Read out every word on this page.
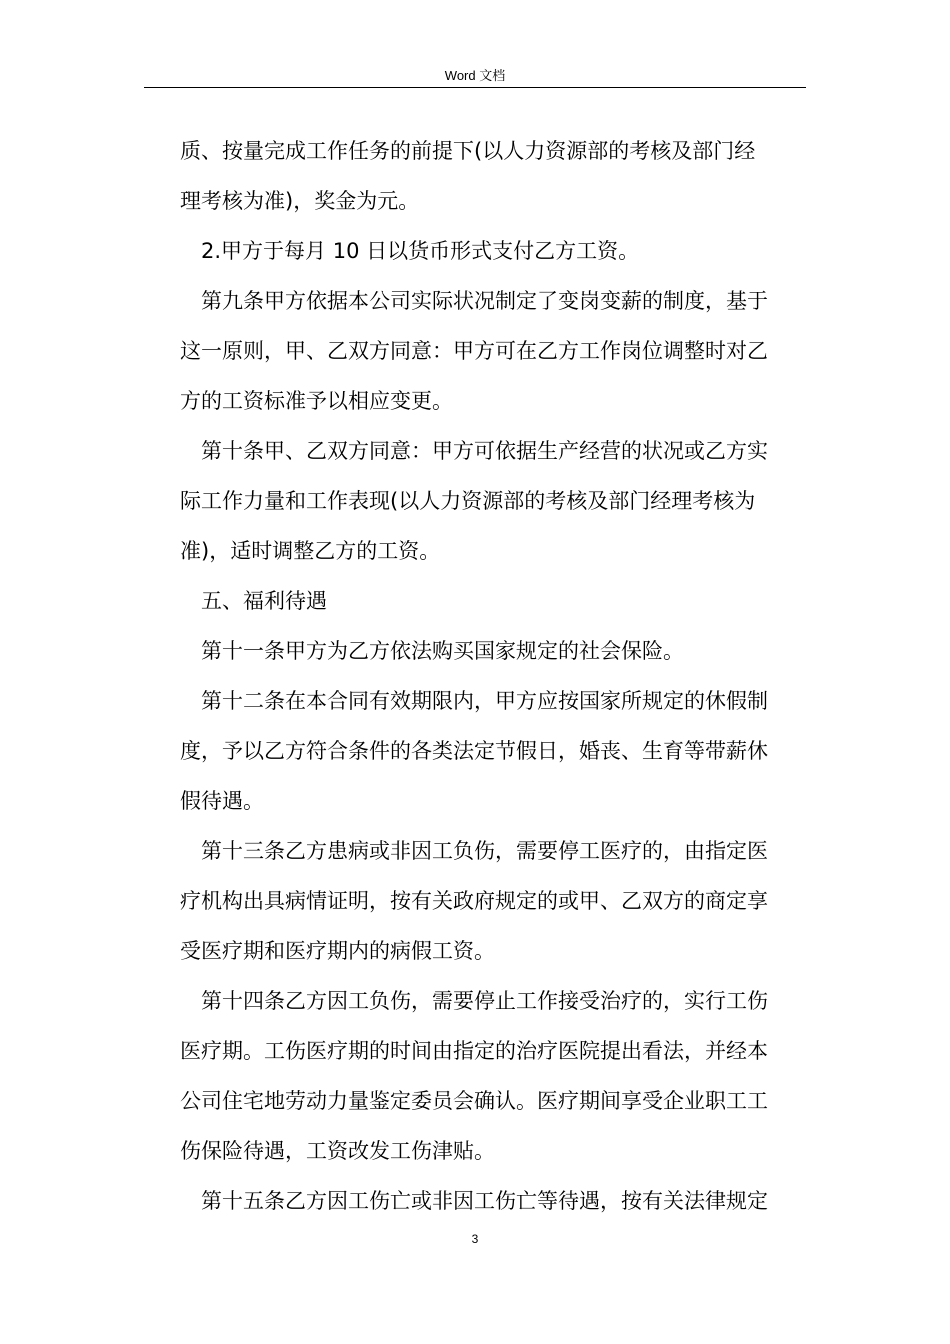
Word 文档
质、按量完成工作任务的前提下(以人力资源部的考核及部门经
理考核为准)，奖金为元。
2.甲方于每月 10 日以货币形式支付乙方工资。
第九条甲方依据本公司实际状况制定了变岗变薪的制度，基于
这一原则，甲、乙双方同意：甲方可在乙方工作岗位调整时对乙
方的工资标准予以相应变更。
第十条甲、乙双方同意：甲方可依据生产经营的状况或乙方实
际工作力量和工作表现(以人力资源部的考核及部门经理考核为
准)，适时调整乙方的工资。
五、福利待遇
第十一条甲方为乙方依法购买国家规定的社会保险。
第十二条在本合同有效期限内，甲方应按国家所规定的休假制
度，予以乙方符合条件的各类法定节假日，婚丧、生育等带薪休
假待遇。
第十三条乙方患病或非因工负伤，需要停工医疗的，由指定医
疗机构出具病情证明，按有关政府规定的或甲、乙双方的商定享
受医疗期和医疗期内的病假工资。
第十四条乙方因工负伤，需要停止工作接受治疗的，实行工伤
医疗期。工伤医疗期的时间由指定的治疗医院提出看法，并经本
公司住宅地劳动力量鉴定委员会确认。医疗期间享受企业职工工
伤保险待遇，工资改发工伤津贴。
第十五条乙方因工伤亡或非因工伤亡等待遇，按有关法律规定
3
